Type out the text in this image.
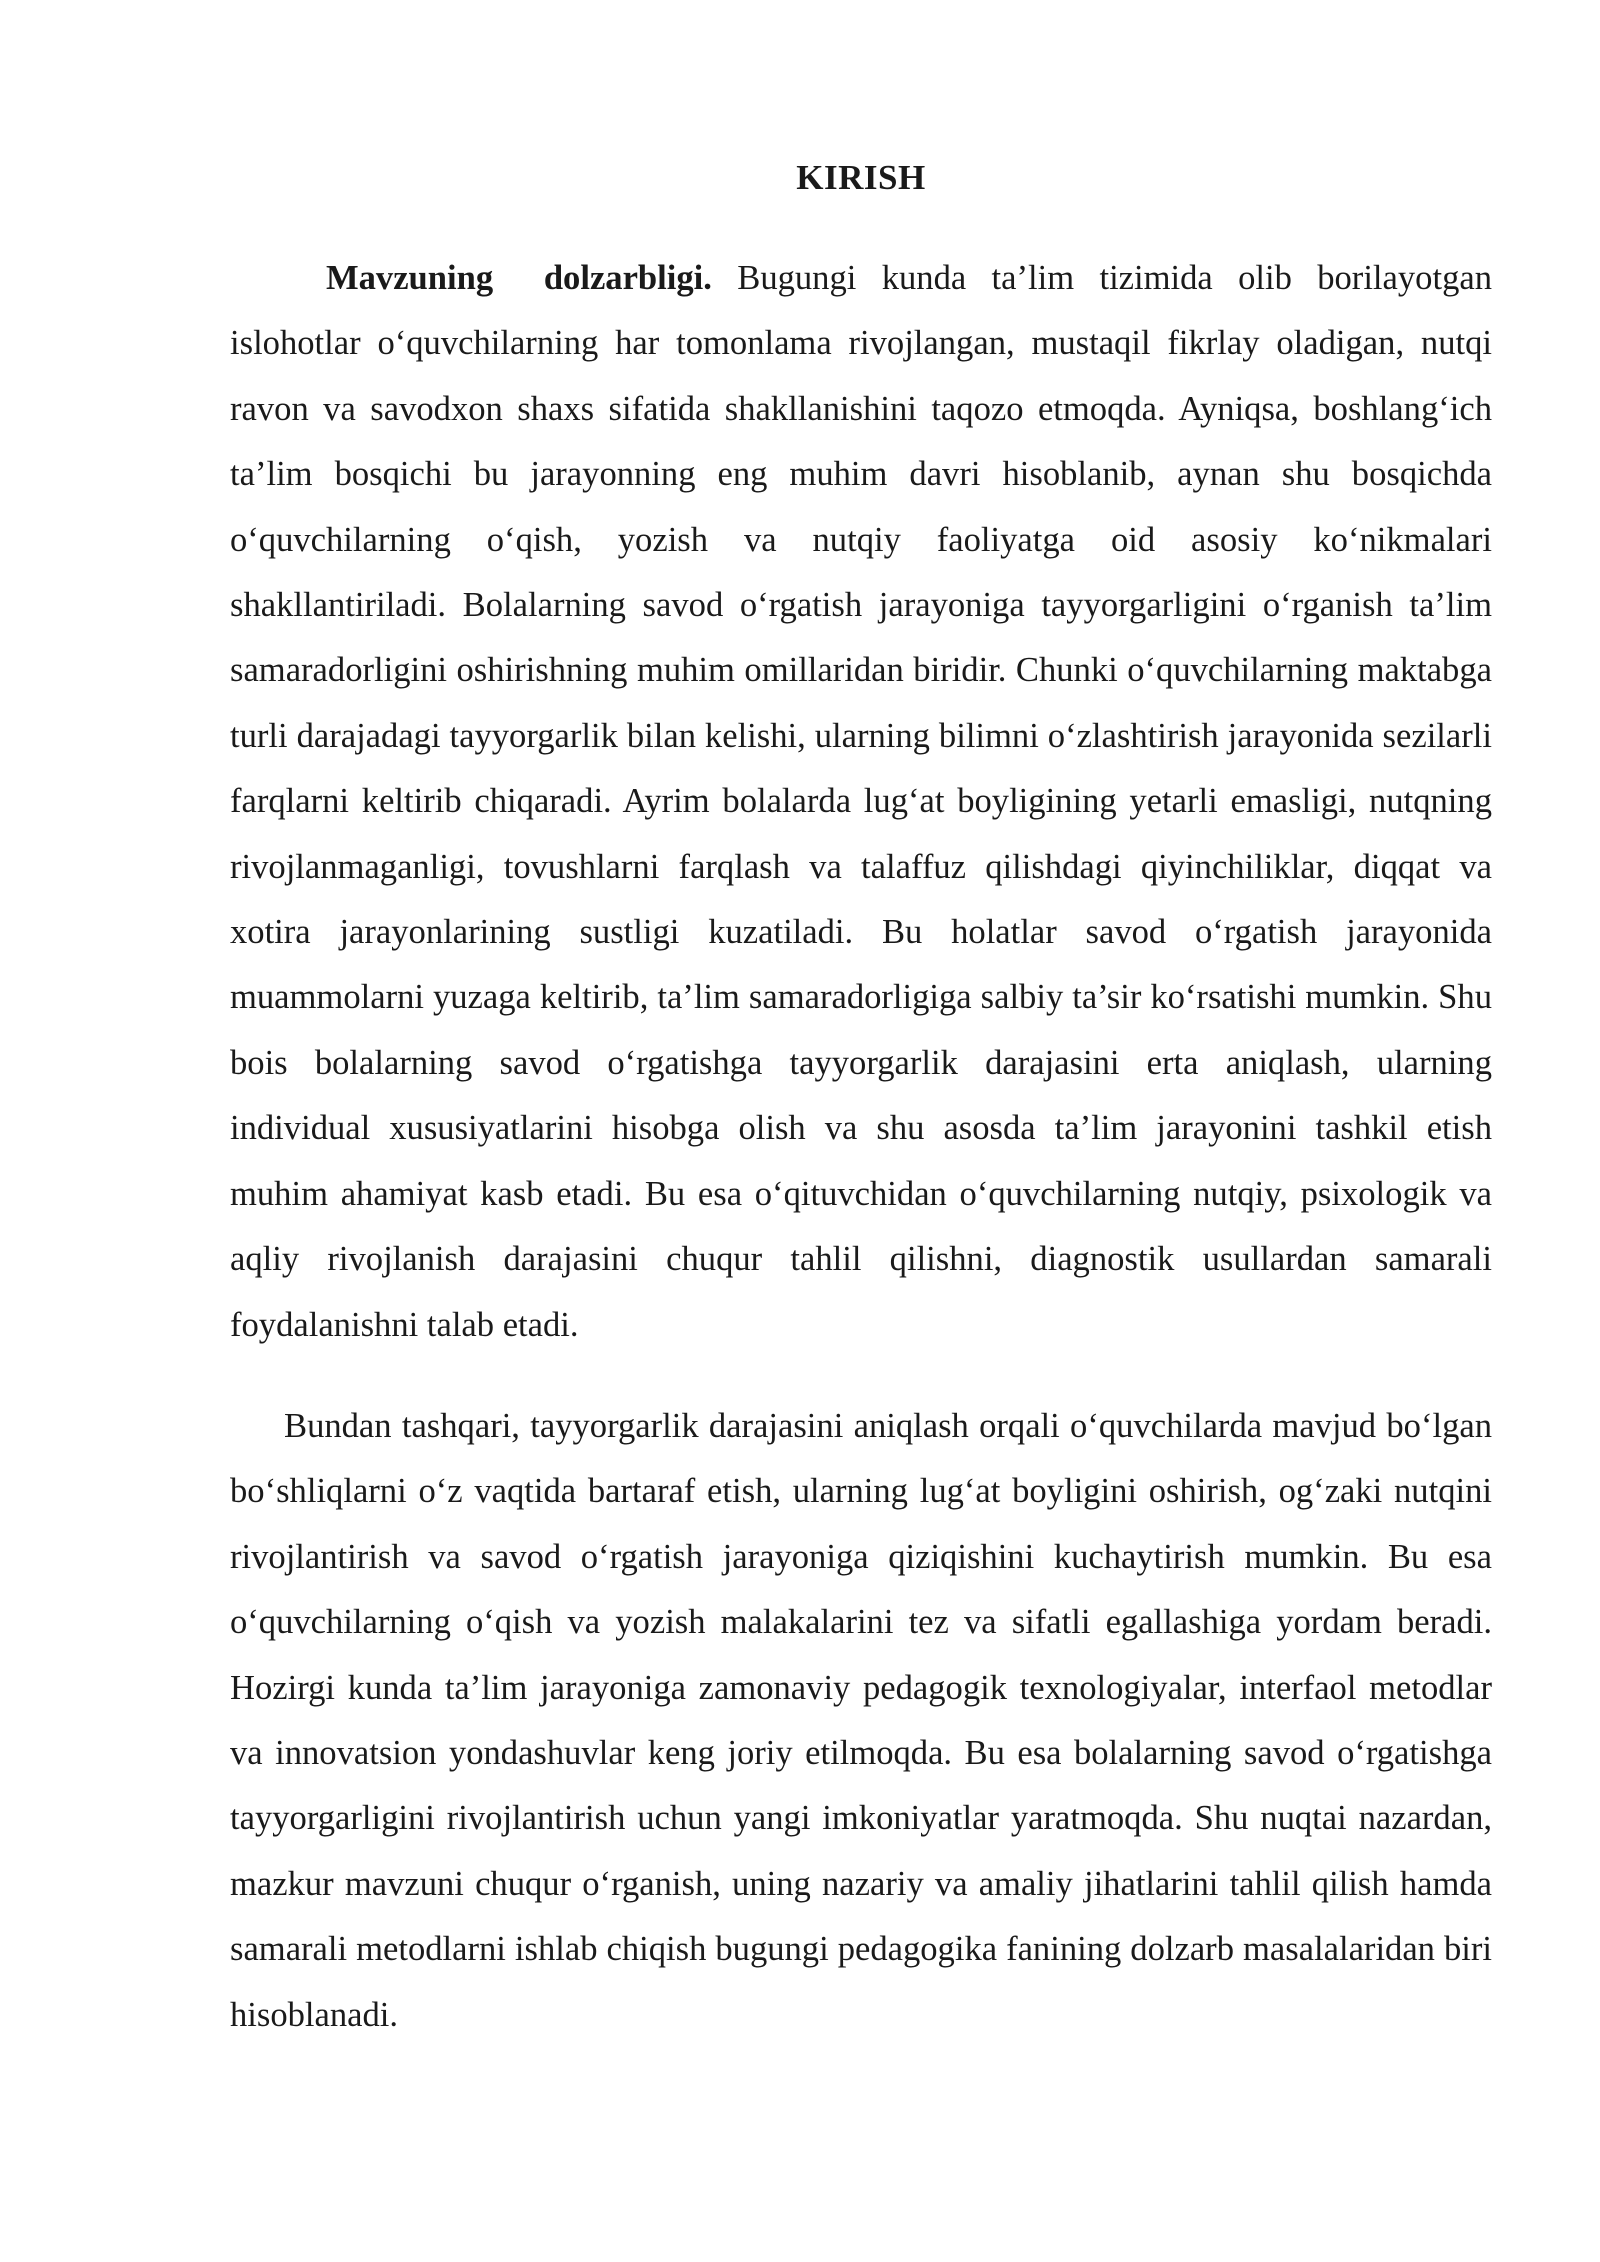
KIRISH

Mavzuning  dolzarbligi. Bugungi kunda ta’lim tizimida olib borilayotgan islohotlar o‘quvchilarning har tomonlama rivojlangan, mustaqil fikrlay oladigan, nutqi ravon va savodxon shaxs sifatida shakllanishini taqozo etmoqda. Ayniqsa, boshlang‘ich ta’lim bosqichi bu jarayonning eng muhim davri hisoblanib, aynan shu bosqichda o‘quvchilarning o‘qish, yozish va nutqiy faoliyatga oid asosiy ko‘nikmalari shakllantiriladi. Bolalarning savod o‘rgatish jarayoniga tayyorgarligini o‘rganish ta’lim samaradorligini oshirishning muhim omillaridan biridir. Chunki o‘quvchilarning maktabga turli darajadagi tayyorgarlik bilan kelishi, ularning bilimni o‘zlashtirish jarayonida sezilarli farqlarni keltirib chiqaradi. Ayrim bolalarda lug‘at boyligining yetarli emasligi, nutqning rivojlanmaganligi, tovushlarni farqlash va talaffuz qilishdagi qiyinchiliklar, diqqat va xotira jarayonlarining sustligi kuzatiladi. Bu holatlar savod o‘rgatish jarayonida muammolarni yuzaga keltirib, ta’lim samaradorligiga salbiy ta’sir ko‘rsatishi mumkin. Shu bois bolalarning savod o‘rgatishga tayyorgarlik darajasini erta aniqlash, ularning individual xususiyatlarini hisobga olish va shu asosda ta’lim jarayonini tashkil etish muhim ahamiyat kasb etadi. Bu esa o‘qituvchidan o‘quvchilarning nutqiy, psixologik va aqliy rivojlanish darajasini chuqur tahlil qilishni, diagnostik usullardan samarali foydalanishni talab etadi.

Bundan tashqari, tayyorgarlik darajasini aniqlash orqali o‘quvchilarda mavjud bo‘lgan bo‘shliqlarni o‘z vaqtida bartaraf etish, ularning lug‘at boyligini oshirish, og‘zaki nutqini rivojlantirish va savod o‘rgatish jarayoniga qiziqishini kuchaytirish mumkin. Bu esa o‘quvchilarning o‘qish va yozish malakalarini tez va sifatli egallashiga yordam beradi. Hozirgi kunda ta’lim jarayoniga zamonaviy pedagogik texnologiyalar, interfaol metodlar va innovatsion yondashuvlar keng joriy etilmoqda. Bu esa bolalarning savod o‘rgatishga tayyorgarligini rivojlantirish uchun yangi imkoniyatlar yaratmoqda. Shu nuqtai nazardan, mazkur mavzuni chuqur o‘rganish, uning nazariy va amaliy jihatlarini tahlil qilish hamda samarali metodlarni ishlab chiqish bugungi pedagogika fanining dolzarb masalalaridan biri hisoblanadi.
